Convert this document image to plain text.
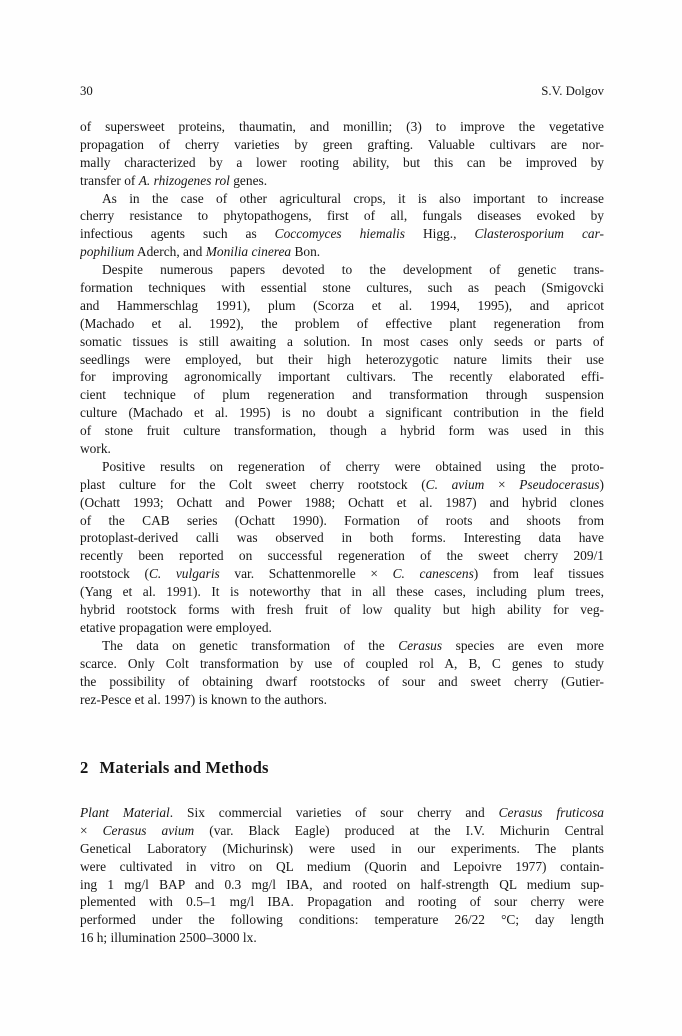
30	S.V. Dolgov

of supersweet proteins, thaumatin, and monillin; (3) to improve the vegetative
propagation of cherry varieties by green grafting. Valuable cultivars are nor-
mally characterized by a lower rooting ability, but this can be improved by
transfer of A. rhizogenes rol genes.

As in the case of other agricultural crops, it is also important to increase
cherry resistance to phytopathogens, first of all, fungals diseases evoked by
infectious agents such as Coccomyces hiemalis Higg., Clasterosporium car-
pophilium Aderch, and Monilia cinerea Bon.

Despite numerous papers devoted to the development of genetic trans-
formation techniques with essential stone cultures, such as peach (Smigovcki
and Hammerschlag 1991), plum (Scorza et al. 1994, 1995), and apricot
(Machado et al. 1992), the problem of effective plant regeneration from
somatic tissues is still awaiting a solution. In most cases only seeds or parts of
seedlings were employed, but their high heterozygotic nature limits their use
for improving agronomically important cultivars. The recently elaborated effi-
cient technique of plum regeneration and transformation through suspension
culture (Machado et al. 1995) is no doubt a significant contribution in the field
of stone fruit culture transformation, though a hybrid form was used in this
work.

Positive results on regeneration of cherry were obtained using the proto-
plast culture for the Colt sweet cherry rootstock (C. avium × Pseudocerasus)
(Ochatt 1993; Ochatt and Power 1988; Ochatt et al. 1987) and hybrid clones
of the CAB series (Ochatt 1990). Formation of roots and shoots from
protoplast-derived calli was observed in both forms. Interesting data have
recently been reported on successful regeneration of the sweet cherry 209/1
rootstock (C. vulgaris var. Schattenmorelle × C. canescens) from leaf tissues
(Yang et al. 1991). It is noteworthy that in all these cases, including plum trees,
hybrid rootstock forms with fresh fruit of low quality but high ability for veg-
etative propagation were employed.

The data on genetic transformation of the Cerasus species are even more
scarce. Only Colt transformation by use of coupled rol A, B, C genes to study
the possibility of obtaining dwarf rootstocks of sour and sweet cherry (Gutier-
rez-Pesce et al. 1997) is known to the authors.

2 Materials and Methods

Plant Material. Six commercial varieties of sour cherry and Cerasus fruticosa
× Cerasus avium (var. Black Eagle) produced at the I.V. Michurin Central
Genetical Laboratory (Michurinsk) were used in our experiments. The plants
were cultivated in vitro on QL medium (Quorin and Lepoivre 1977) contain-
ing 1 mg/l BAP and 0.3 mg/l IBA, and rooted on half-strength QL medium sup-
plemented with 0.5–1 mg/l IBA. Propagation and rooting of sour cherry were
performed under the following conditions: temperature 26/22 °C; day length
16 h; illumination 2500–3000 lx.
